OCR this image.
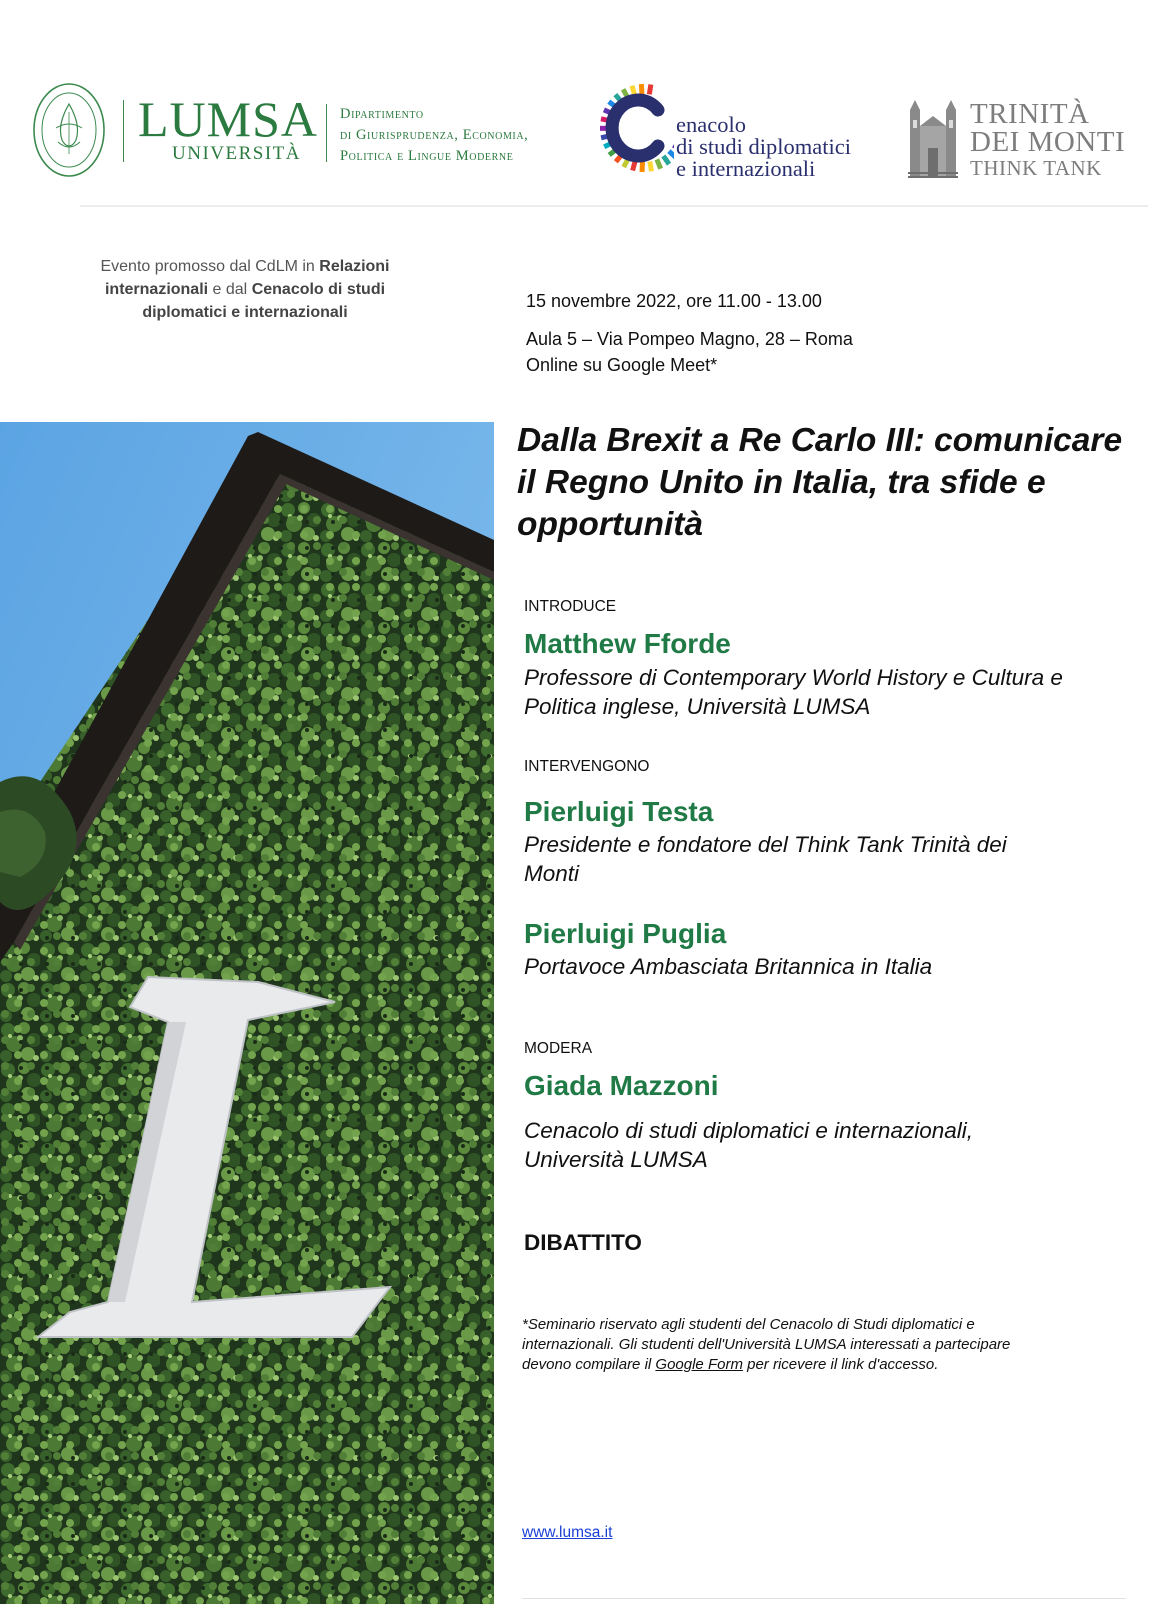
LUMSA
UNIVERSITÀ
Dipartimento
di Giurisprudenza, Economia,
Politica e Lingue Moderne
enacolo
di studi diplomatici
e internazionali
TRINITÀ
DEI MONTI
THINK TANK
Evento promosso dal CdLM in Relazioni internazionali e dal Cenacolo di studi diplomatici e internazionali
15 novembre 2022, ore 11.00 - 13.00
Aula 5 – Via Pompeo Magno, 28 – Roma
Online su Google Meet*
Dalla Brexit a Re Carlo III: comunicare il Regno Unito in Italia, tra sfide e opportunità
INTRODUCE
Matthew Fforde
Professore di Contemporary World History e Cultura e Politica inglese, Università LUMSA
INTERVENGONO
Pierluigi Testa
Presidente e fondatore del Think Tank Trinità dei Monti
Pierluigi Puglia
Portavoce Ambasciata Britannica in Italia
MODERA
Giada Mazzoni
Cenacolo di studi diplomatici e internazionali, Università LUMSA
DIBATTITO
*Seminario riservato agli studenti del Cenacolo di Studi diplomatici e internazionali. Gli studenti dell'Università LUMSA interessati a partecipare devono compilare il Google Form per ricevere il link d'accesso.
www.lumsa.it
